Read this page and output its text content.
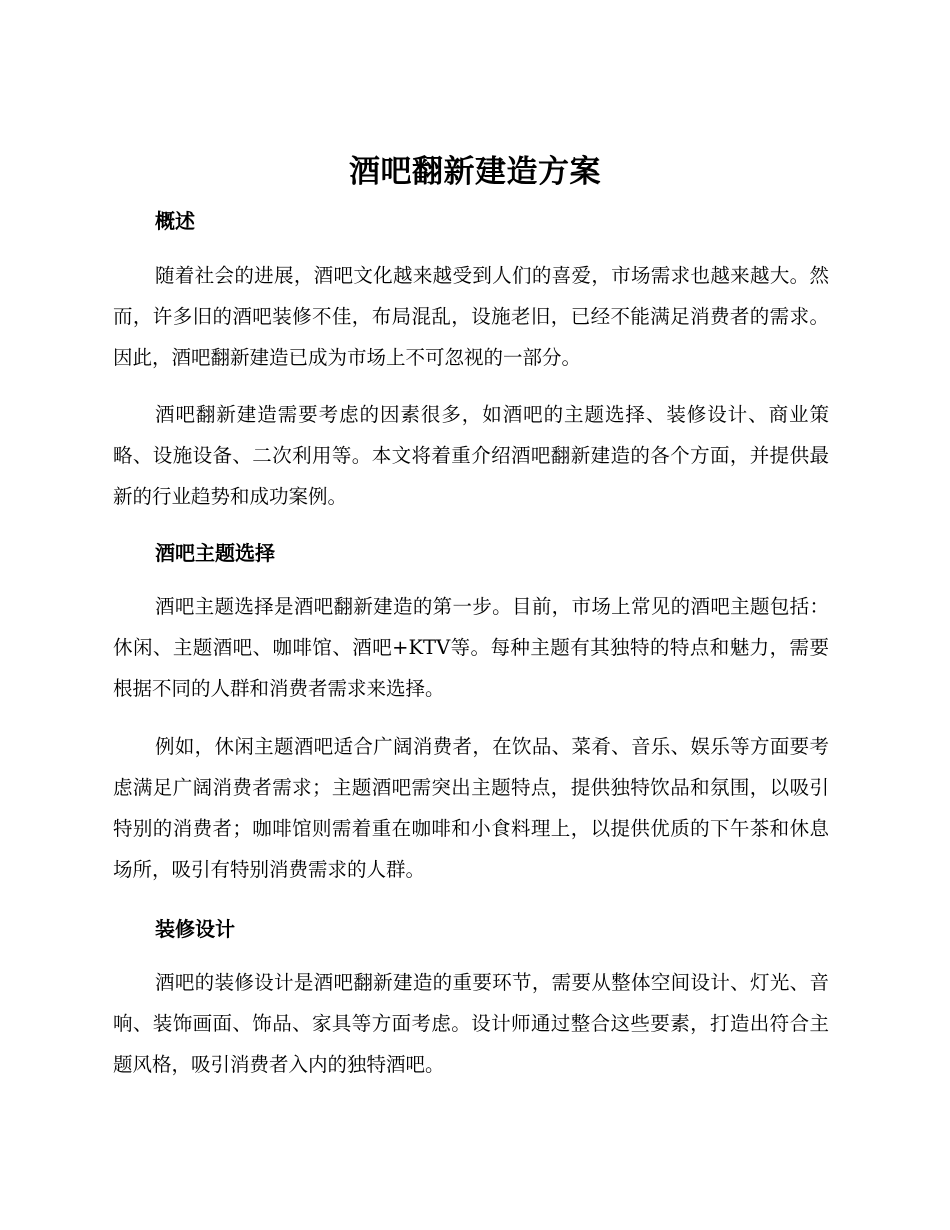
酒吧翻新建造方案
概述

随着社会的进展，酒吧文化越来越受到人们的喜爱，市场需求也越来越大。然而，许多旧的酒吧装修不佳，布局混乱，设施老旧，已经不能满足消费者的需求。因此，酒吧翻新建造已成为市场上不可忽视的一部分。

酒吧翻新建造需要考虑的因素很多，如酒吧的主题选择、装修设计、商业策略、设施设备、二次利用等。本文将着重介绍酒吧翻新建造的各个方面，并提供最新的行业趋势和成功案例。

酒吧主题选择

酒吧主题选择是酒吧翻新建造的第一步。目前，市场上常见的酒吧主题包括：休闲、主题酒吧、咖啡馆、酒吧+KTV等。每种主题有其独特的特点和魅力，需要根据不同的人群和消费者需求来选择。

例如，休闲主题酒吧适合广阔消费者，在饮品、菜肴、音乐、娱乐等方面要考虑满足广阔消费者需求；主题酒吧需突出主题特点，提供独特饮品和氛围，以吸引特别的消费者；咖啡馆则需着重在咖啡和小食料理上，以提供优质的下午茶和休息场所，吸引有特别消费需求的人群。

装修设计

酒吧的装修设计是酒吧翻新建造的重要环节，需要从整体空间设计、灯光、音响、装饰画面、饰品、家具等方面考虑。设计师通过整合这些要素，打造出符合主题风格，吸引消费者入内的独特酒吧。
